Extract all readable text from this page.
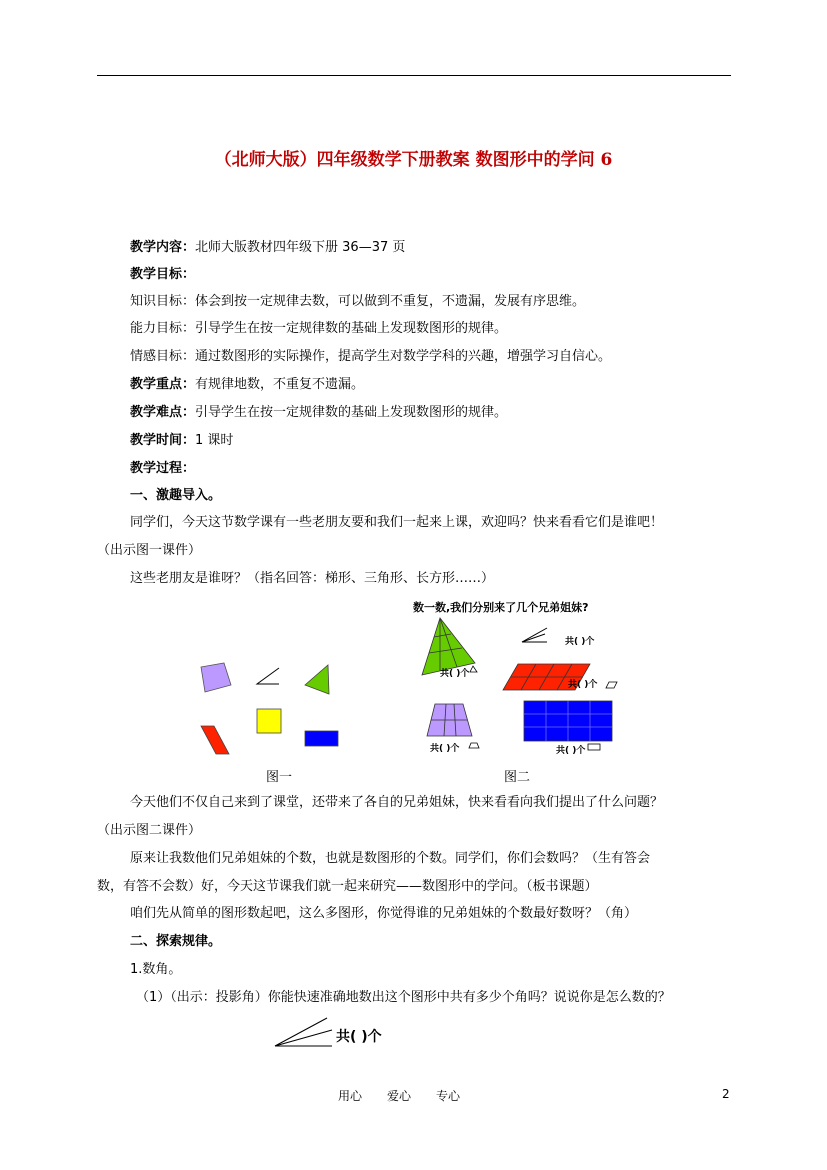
（北师大版）四年级数学下册教案 数图形中的学问 6
教学内容：北师大版教材四年级下册 36—37 页
教学目标：
知识目标：体会到按一定规律去数，可以做到不重复，不遗漏，发展有序思维。
能力目标：引导学生在按一定规律数的基础上发现数图形的规律。
情感目标：通过数图形的实际操作，提高学生对数学学科的兴趣，增强学习自信心。
教学重点：有规律地数，不重复不遗漏。
教学难点：引导学生在按一定规律数的基础上发现数图形的规律。
教学时间：1 课时
教学过程：
一、激趣导入。
同学们，今天这节数学课有一些老朋友要和我们一起来上课，欢迎吗？快来看看它们是谁吧！
（出示图一课件）
这些老朋友是谁呀？（指名回答：梯形、三角形、长方形……）
数一数,我们分别来了几个兄弟姐妹?
共( )个
共( )个
共( )个	共( )个
共( )个
图一	图二
今天他们不仅自己来到了课堂，还带来了各自的兄弟姐妹，快来看看向我们提出了什么问题？
（出示图二课件）
原来让我数他们兄弟姐妹的个数，也就是数图形的个数。同学们，你们会数吗？（生有答会
数，有答不会数）好，今天这节课我们就一起来研究——数图形中的学问。（板书课题）
咱们先从简单的图形数起吧，这么多图形，你觉得谁的兄弟姐妹的个数最好数呀？（角）
二、探索规律。
1.数角。
（1）（出示：投影角）你能快速准确地数出这个图形中共有多少个角吗？说说你是怎么数的？
共( )个
用心 爱心 专心	2
